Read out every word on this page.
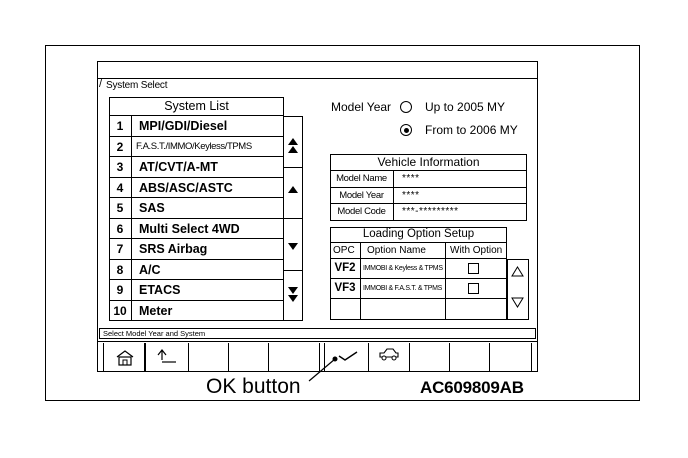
/ System Select
System List
1	MPI/GDI/Diesel
2	F.A.S.T./IMMO/Keyless/TPMS
3	AT/CVT/A-MT
4	ABS/ASC/ASTC
5	SAS
6	Multi Select 4WD
7	SRS Airbag
8	A/C
9	ETACS
10 Meter
Model Year	Up to 2005 MY
From to 2006 MY
Vehicle Information
Model Name	****
Model Year	****
Model Code	***-*********
Loading Option Setup
OPC Option Name With Option
VF2	IMMOBI & Keyless & TPMS
VF3	IMMOBI & F.A.S.T. & TPMS
Select Model Year and System
OK button	AC609809AB
